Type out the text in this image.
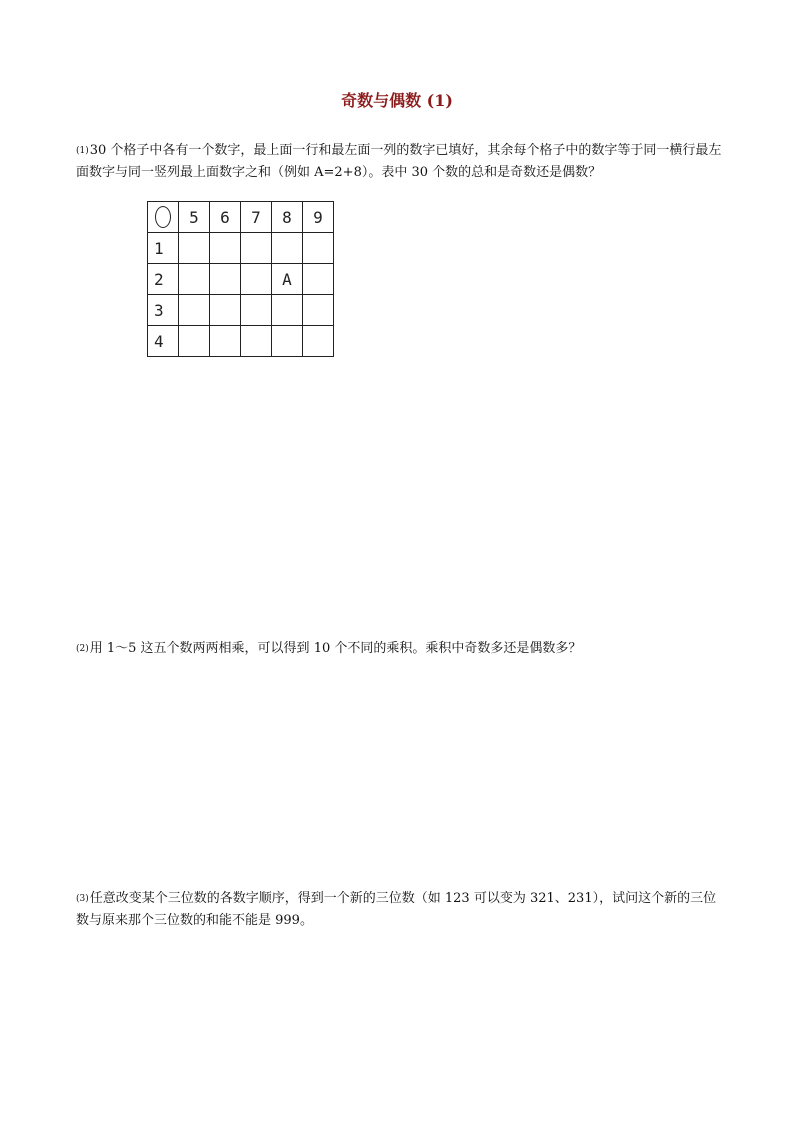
奇数与偶数 (1)
(1)30 个格子中各有一个数字，最上面一行和最左面一列的数字已填好，其余每个格子中的数字等于同一横行最左面数字与同一竖列最上面数字之和（例如 A=2+8）。表中 30 个数的总和是奇数还是偶数？
	5	6	7	8	9
1					
2				A	
3					
4					
(2)用 1～5 这五个数两两相乘，可以得到 10 个不同的乘积。乘积中奇数多还是偶数多？
(3)任意改变某个三位数的各数字顺序，得到一个新的三位数（如 123 可以变为 321、231），试问这个新的三位数与原来那个三位数的和能不能是 999。
